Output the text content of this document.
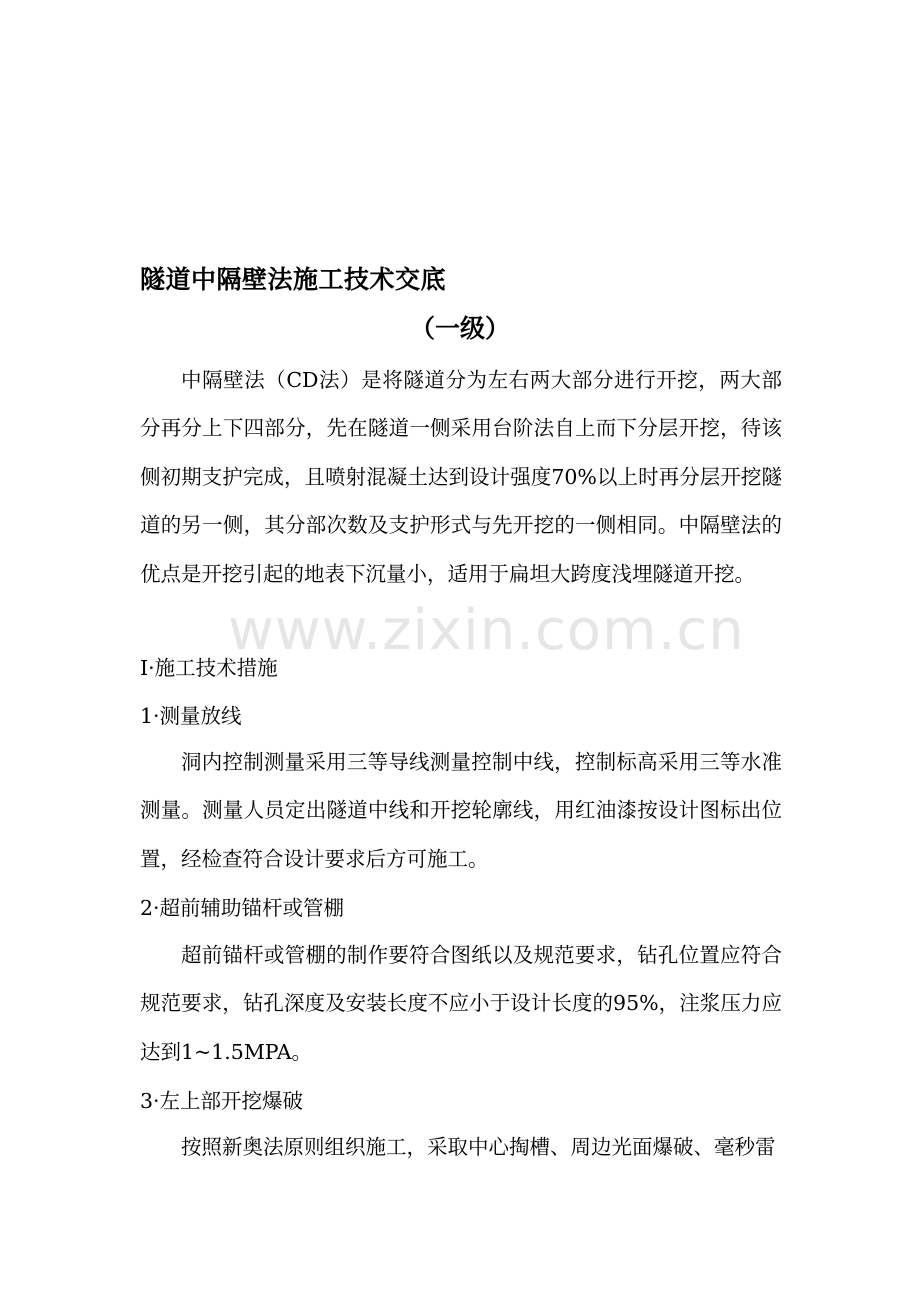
www.zixin.com.cn
隧道中隔壁法施工技术交底
（一级）
中隔壁法（CD法）是将隧道分为左右两大部分进行开挖，两大部分再分上下四部分，先在隧道一侧采用台阶法自上而下分层开挖，待该侧初期支护完成，且喷射混凝土达到设计强度70%以上时再分层开挖隧道的另一侧，其分部次数及支护形式与先开挖的一侧相同。中隔壁法的优点是开挖引起的地表下沉量小，适用于扁坦大跨度浅埋隧道开挖。
Ⅰ·施工技术措施
1·测量放线
洞内控制测量采用三等导线测量控制中线，控制标高采用三等水准测量。测量人员定出隧道中线和开挖轮廓线，用红油漆按设计图标出位置，经检查符合设计要求后方可施工。
2·超前辅助锚杆或管棚
超前锚杆或管棚的制作要符合图纸以及规范要求，钻孔位置应符合规范要求，钻孔深度及安装长度不应小于设计长度的95%，注浆压力应达到1~1.5MPA。
3·左上部开挖爆破
按照新奥法原则组织施工，采取中心掏槽、周边光面爆破、毫秒雷
